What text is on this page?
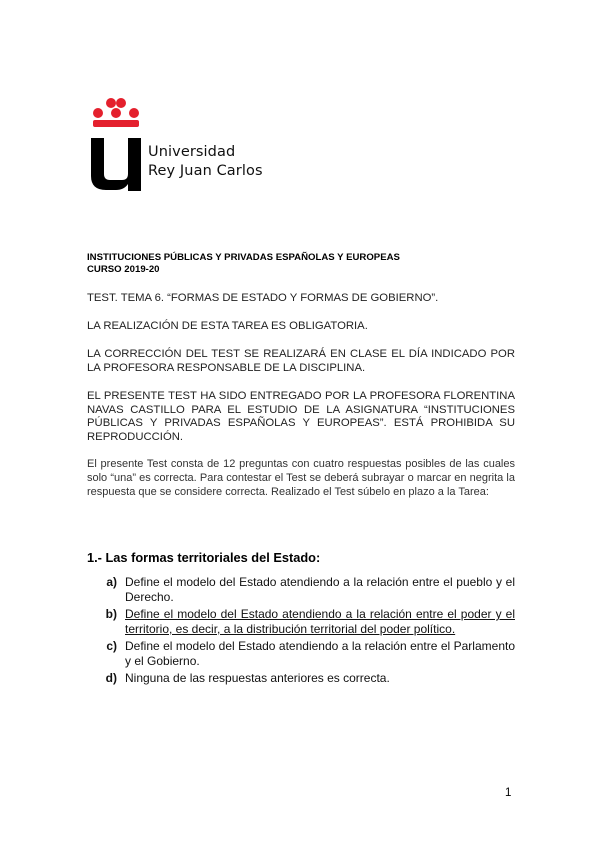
Universidad
Rey Juan Carlos
INSTITUCIONES PÚBLICAS Y PRIVADAS ESPAÑOLAS Y EUROPEAS
CURSO 2019-20
TEST. TEMA 6. “FORMAS DE ESTADO Y FORMAS DE GOBIERNO”.
LA REALIZACIÓN DE ESTA TAREA ES OBLIGATORIA.
LA CORRECCIÓN DEL TEST SE REALIZARÁ EN CLASE EL DÍA INDICADO POR LA PROFESORA RESPONSABLE DE LA DISCIPLINA.
EL PRESENTE TEST HA SIDO ENTREGADO POR LA PROFESORA FLORENTINA NAVAS CASTILLO PARA EL ESTUDIO DE LA ASIGNATURA “INSTITUCIONES PÚBLICAS Y PRIVADAS ESPAÑOLAS Y EUROPEAS”. ESTÁ PROHIBIDA SU REPRODUCCIÓN.
El presente Test consta de 12 preguntas con cuatro respuestas posibles de las cuales solo “una” es correcta. Para contestar el Test se deberá subrayar o marcar en negrita la respuesta que se considere correcta. Realizado el Test súbelo en plazo a la Tarea:
1.- Las formas territoriales del Estado:
a) Define el modelo del Estado atendiendo a la relación entre el pueblo y el Derecho.
b) Define el modelo del Estado atendiendo a la relación entre el poder y el territorio, es decir, a la distribución territorial del poder político.
c) Define el modelo del Estado atendiendo a la relación entre el Parlamento y el Gobierno.
d) Ninguna de las respuestas anteriores es correcta.
1
